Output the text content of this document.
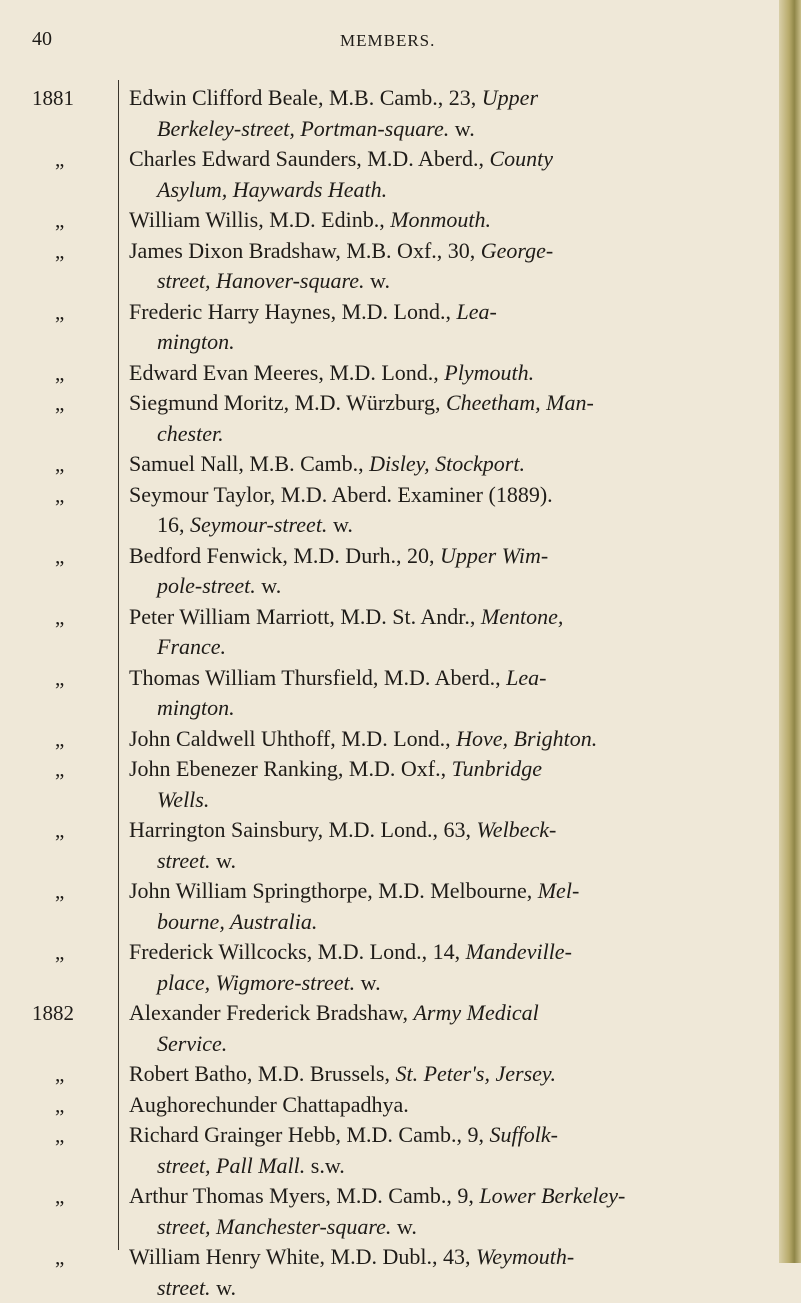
40	MEMBERS.
1881	Edwin Clifford Beale, M.B. Camb., 23, Upper
Berkeley-street, Portman-square. w.
„	Charles Edward Saunders, M.D. Aberd., County
Asylum, Haywards Heath.
„	William Willis, M.D. Edinb., Monmouth.
„	James Dixon Bradshaw, M.B. Oxf., 30, George-
street, Hanover-square. w.
„	Frederic Harry Haynes, M.D. Lond., Lea-
mington.
„	Edward Evan Meeres, M.D. Lond., Plymouth.
„	Siegmund Moritz, M.D. Würzburg, Cheetham, Man-
chester.
„	Samuel Nall, M.B. Camb., Disley, Stockport.
„	Seymour Taylor, M.D. Aberd. Examiner (1889).
16, Seymour-street. w.
„	Bedford Fenwick, M.D. Durh., 20, Upper Wim-
pole-street. w.
„	Peter William Marriott, M.D. St. Andr., Mentone,
France.
„	Thomas William Thursfield, M.D. Aberd., Lea-
mington.
„	John Caldwell Uhthoff, M.D. Lond., Hove, Brighton.
„	John Ebenezer Ranking, M.D. Oxf., Tunbridge
Wells.
„	Harrington Sainsbury, M.D. Lond., 63, Welbeck-
street. w.
„	John William Springthorpe, M.D. Melbourne, Mel-
bourne, Australia.
„	Frederick Willcocks, M.D. Lond., 14, Mandeville-
place, Wigmore-street. w.
1882	Alexander Frederick Bradshaw, Army Medical
Service.
„	Robert Batho, M.D. Brussels, St. Peter's, Jersey.
„	Aughorechunder Chattapadhya.
„	Richard Grainger Hebb, M.D. Camb., 9, Suffolk-
street, Pall Mall. s.w.
„	Arthur Thomas Myers, M.D. Camb., 9, Lower Berkeley-
street, Manchester-square. w.
„	William Henry White, M.D. Dubl., 43, Weymouth-
street. w.
